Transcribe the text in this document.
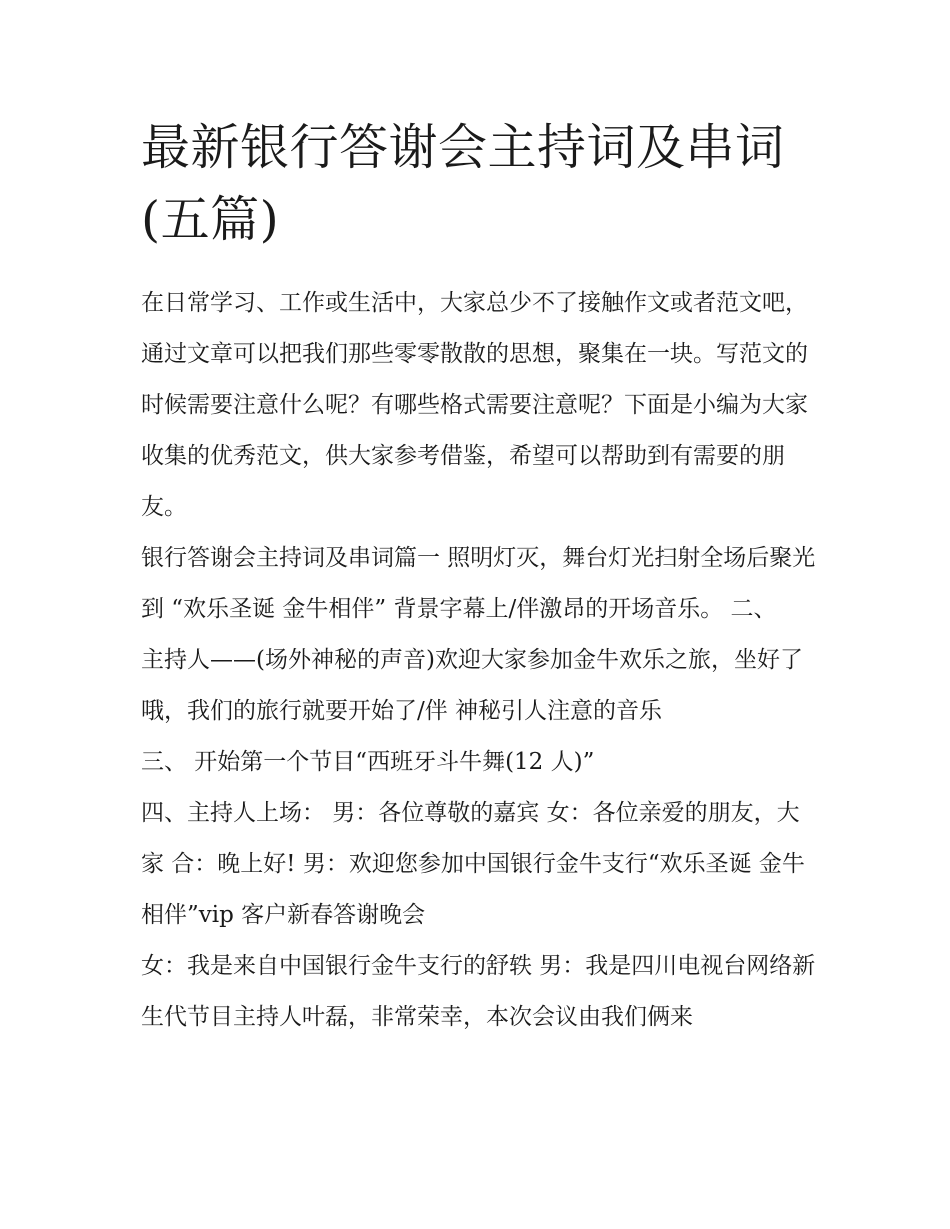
最新银行答谢会主持词及串词(五篇)

在日常学习、工作或生活中，大家总少不了接触作文或者范文吧，通过文章可以把我们那些零零散散的思想，聚集在一块。写范文的时候需要注意什么呢？有哪些格式需要注意呢？下面是小编为大家收集的优秀范文，供大家参考借鉴，希望可以帮助到有需要的朋友。

银行答谢会主持词及串词篇一 照明灯灭，舞台灯光扫射全场后聚光到 “欢乐圣诞 金牛相伴” 背景字幕上/伴激昂的开场音乐。 二、

主持人——(场外神秘的声音)欢迎大家参加金牛欢乐之旅，坐好了哦，我们的旅行就要开始了/伴 神秘引人注意的音乐

三、 开始第一个节目“西班牙斗牛舞(12 人)”

四、主持人上场： 男：各位尊敬的嘉宾 女：各位亲爱的朋友，大家 合：晚上好! 男：欢迎您参加中国银行金牛支行“欢乐圣诞 金牛相伴”vip 客户新春答谢晚会

女：我是来自中国银行金牛支行的舒轶 男：我是四川电视台网络新生代节目主持人叶磊，非常荣幸，本次会议由我们俩来
